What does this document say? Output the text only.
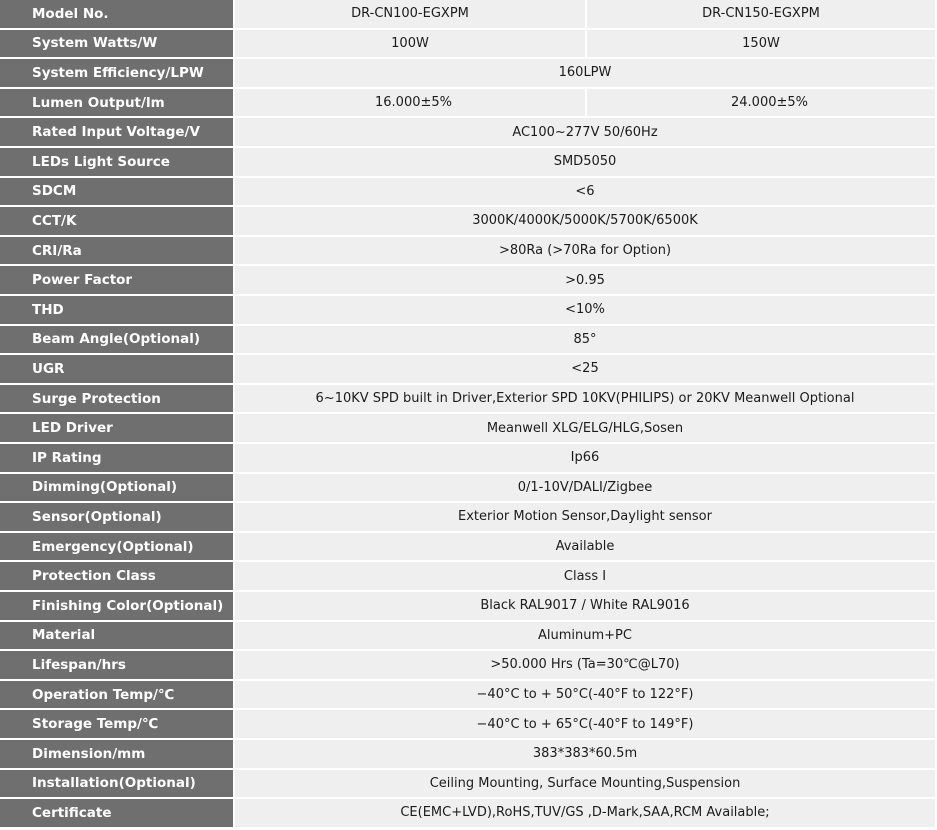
Model No.	DR-CN100-EGXPM	DR-CN150-EGXPM
System Watts/W	100W	150W
System Efficiency/LPW	160LPW
Lumen Output/lm	16.000±5%	24.000±5%
Rated Input Voltage/V	AC100~277V 50/60Hz
LEDs Light Source	SMD5050
SDCM	<6
CCT/K	3000K/4000K/5000K/5700K/6500K
CRI/Ra	>80Ra (>70Ra for Option)
Power Factor	>0.95
THD	<10%
Beam Angle(Optional)	85°
UGR	<25
Surge Protection	6~10KV SPD built in Driver,Exterior SPD 10KV(PHILIPS) or 20KV Meanwell Optional
LED Driver	Meanwell XLG/ELG/HLG,Sosen
IP Rating	Ip66
Dimming(Optional)	0/1-10V/DALI/Zigbee
Sensor(Optional)	Exterior Motion Sensor,Daylight sensor
Emergency(Optional)	Available
Protection Class	Class Ⅰ
Finishing Color(Optional)	Black RAL9017 / White RAL9016
Material	Aluminum+PC
Lifespan/hrs	>50.000 Hrs (Ta=30℃@L70)
Operation Temp/℃	−40°C to + 50°C(-40°F to 122°F)
Storage Temp/℃	−40°C to + 65°C(-40°F to 149°F)
Dimension/mm	383*383*60.5m
Installation(Optional)	Ceiling Mounting, Surface Mounting,Suspension
Certificate	CE(EMC+LVD),RoHS,TUV/GS ,D-Mark,SAA,RCM Available;
